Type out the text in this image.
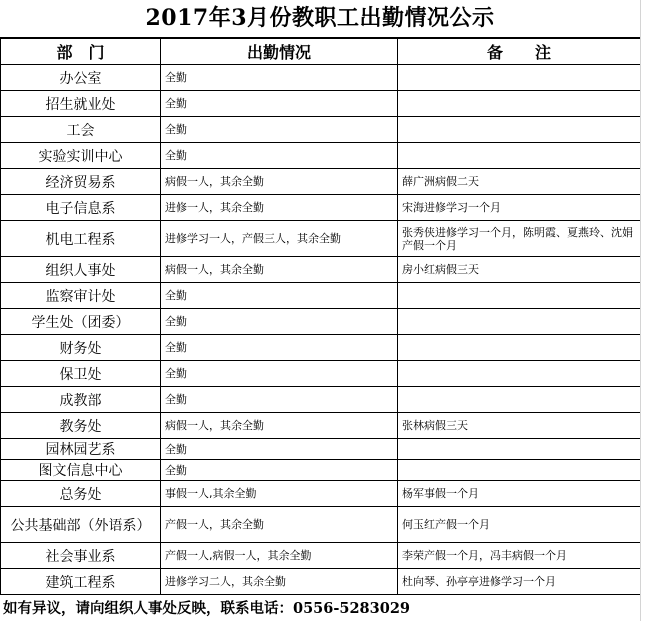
2017年3月份教职工出勤情况公示
部　门	出勤情况	备　　注
办公室	全勤	
招生就业处	全勤	
工会	全勤	
实验实训中心	全勤	
经济贸易系	病假一人，其余全勤	薛广洲病假二天
电子信息系	进修一人，其余全勤	宋海进修学习一个月
机电工程系	进修学习一人，产假三人，其余全勤	张秀侠进修学习一个月，陈明霞、夏燕玲、沈娟产假一个月
组织人事处	病假一人，其余全勤	房小红病假三天
监察审计处	全勤	
学生处（团委）	全勤	
财务处	全勤	
保卫处	全勤	
成教部	全勤	
教务处	病假一人，其余全勤	张林病假三天
园林园艺系	全勤	
图文信息中心	全勤	
总务处	事假一人,其余全勤	杨军事假一个月
公共基础部（外语系）	产假一人，其余全勤	何玉红产假一个月
社会事业系	产假一人,病假一人，其余全勤	李荣产假一个月，冯丰病假一个月
建筑工程系	进修学习二人，其余全勤	杜向琴、孙亭亭进修学习一个月
如有异议，请向组织人事处反映，联系电话：0556-5283029
